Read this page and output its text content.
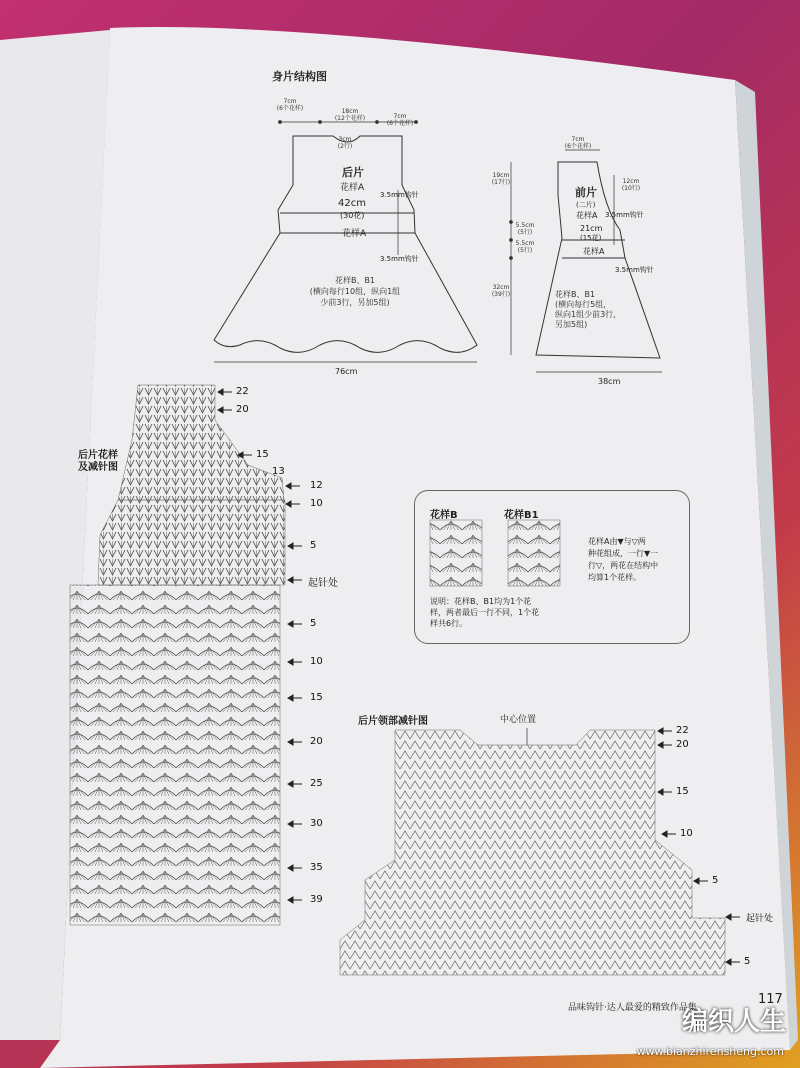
身片结构图
7cm
(6个花样)	18cm
(12个花样)	7cm
(6个花样)
3cm
(2行)
后片
花样A
42cm
(30花)
花样A
3.5mm钩针
3.5mm钩针
花样B、B1
(横向每行10组，纵向1组
少前3行，另加5组)
76cm
7cm
(6个花样)
19cm
(17行)
5.5cm
(5行)
5.5cm
(5行)
32cm
(39行)
12cm
(10行)
前片
(二片)
花样A 3.5mm钩针
21cm
(15花)
花样A
3.5mm钩针
花样B、B1
(横向每行5组，
纵向1组少前3行，
另加5组)
38cm
后片花样
及减针图
22
20
15
13
12
10
5
起针处
5
10
15
20
25
30
35
39
花样B	花样B1
说明：花样B、B1均为1个花
样，两者最后一行不同，1个花
样共6行。
花样A由▼与▽两
种花组成，一行▼一
行▽，两花在结构中
均算1个花样。
后片领部减针图	中心位置
22
20
15
10
5
起针处
5
品味钩针·达人最爱的精致作品集
117
编织人生
www.bianzhirensheng.com
